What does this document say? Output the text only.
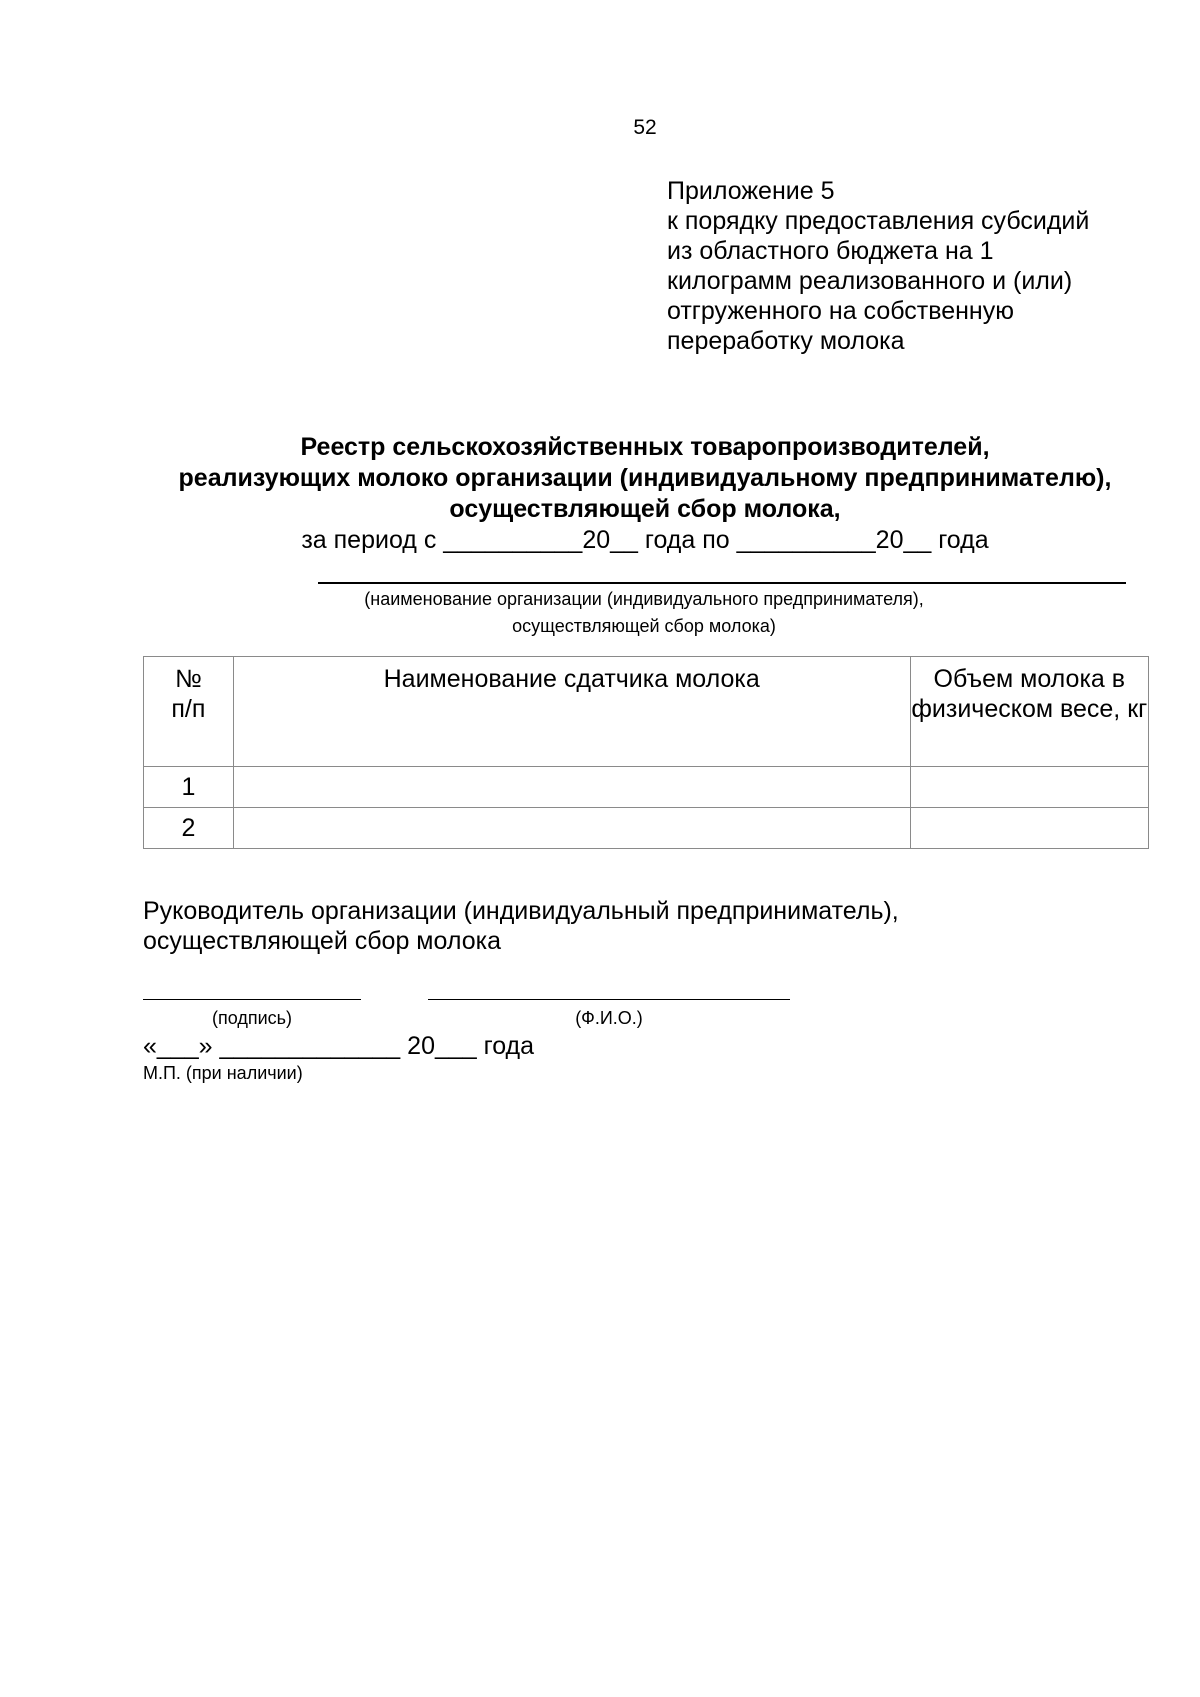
52
Приложение 5
к порядку предоставления субсидий
из областного бюджета на 1
килограмм реализованного и (или)
отгруженного на собственную
переработку молока
Реестр сельскохозяйственных товаропроизводителей,
реализующих молоко организации (индивидуальному предпринимателю),
осуществляющей сбор молока,
за период с __________20__ года по __________20__ года
(наименование организации (индивидуального предпринимателя),
осуществляющей сбор молока)
№ п/п	Наименование сдатчика молока	Объем молока в физическом весе, кг

1		
2		
Руководитель организации (индивидуальный предприниматель),
осуществляющей сбор молока
(подпись)	(Ф.И.О.)
«___» _____________ 20___ года
М.П. (при наличии)
